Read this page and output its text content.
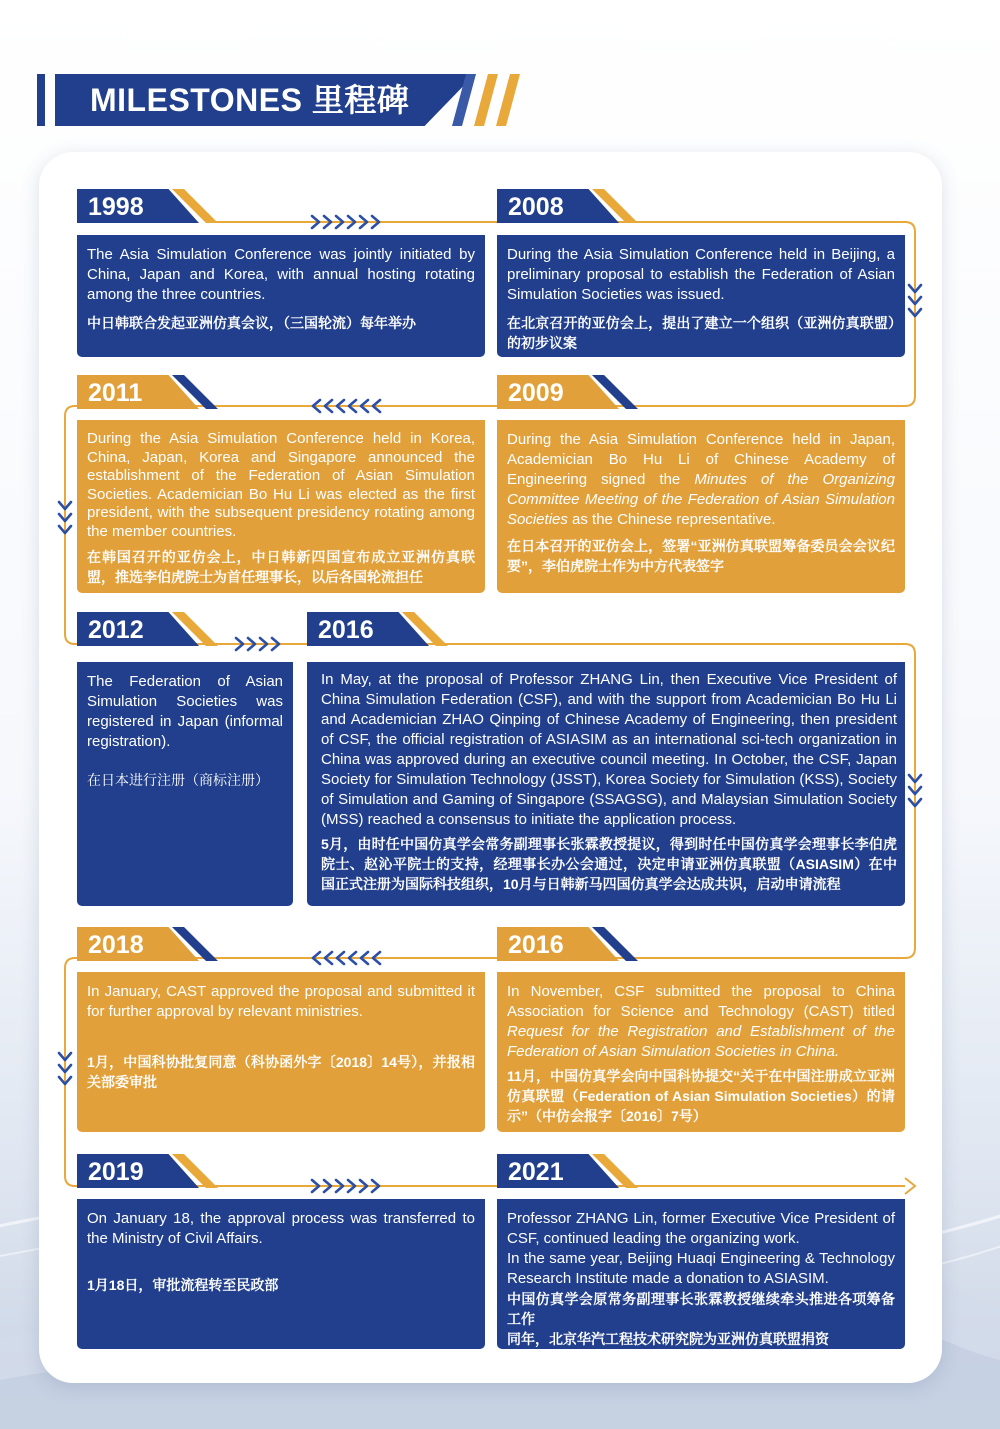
MILESTONES 里程碑
1998

The Asia Simulation Conference was jointly initiated by China, Japan and Korea, with annual hosting rotating among the three countries.

中日韩联合发起亚洲仿真会议，（三国轮流）每年举办

2008

During the Asia Simulation Conference held in Beijing, a preliminary proposal to establish the Federation of Asian Simulation Societies was issued.

在北京召开的亚仿会上，提出了建立一个组织（亚洲仿真联盟）的初步议案

2011

During the Asia Simulation Conference held in Korea, China, Japan, Korea and Singapore announced the establishment of the Federation of Asian Simulation Societies. Academician Bo Hu Li was elected as the first president, with the subsequent presidency rotating among the member countries.

在韩国召开的亚仿会上，中日韩新四国宣布成立亚洲仿真联盟，推选李伯虎院士为首任理事长，以后各国轮流担任

2009

During the Asia Simulation Conference held in Japan, Academician Bo Hu Li of Chinese Academy of Engineering signed the Minutes of the Organizing Committee Meeting of the Federation of Asian Simulation Societies as the Chinese representative.

在日本召开的亚仿会上，签署“亚洲仿真联盟筹备委员会会议纪要”，李伯虎院士作为中方代表签字

2012

The Federation of Asian Simulation Societies was registered in Japan (informal registration).

在日本进行注册（商标注册）

2016

In May, at the proposal of Professor ZHANG Lin, then Executive Vice President of China Simulation Federation (CSF), and with the support from Academician Bo Hu Li and Academician ZHAO Qinping of Chinese Academy of Engineering, then president of CSF, the official registration of ASIASIM as an international sci-tech organization in China was approved during an executive council meeting. In October, the CSF, Japan Society for Simulation Technology (JSST), Korea Society for Simulation (KSS), Society of Simulation and Gaming of Singapore (SSAGSG), and Malaysian Simulation Society (MSS) reached a consensus to initiate the application process.

5月，由时任中国仿真学会常务副理事长张霖教授提议，得到时任中国仿真学会理事长李伯虎院士、赵沁平院士的支持，经理事长办公会通过，决定申请亚洲仿真联盟（ASIASIM）在中国正式注册为国际科技组织，10月与日韩新马四国仿真学会达成共识，启动申请流程

2018

In January, CAST approved the proposal and submitted it for further approval by relevant ministries.

1月，中国科协批复同意（科协函外字〔2018〕14号），并报相关部委审批

2016

In November, CSF submitted the proposal to China Association for Science and Technology (CAST) titled Request for the Registration and Establishment of the Federation of Asian Simulation Societies in China.

11月，中国仿真学会向中国科协提交“关于在中国注册成立亚洲仿真联盟（Federation of Asian Simulation Societies）的请示”（中仿会报字〔2016〕7号）

2019

On January 18, the approval process was transferred to the Ministry of Civil Affairs.

1月18日，审批流程转至民政部

2021

Professor ZHANG Lin, former Executive Vice President of CSF, continued leading the organizing work.

In the same year, Beijing Huaqi Engineering & Technology Research Institute made a donation to ASIASIM.

中国仿真学会原常务副理事长张霖教授继续牵头推进各项筹备工作

同年，北京华汽工程技术研究院为亚洲仿真联盟捐资
